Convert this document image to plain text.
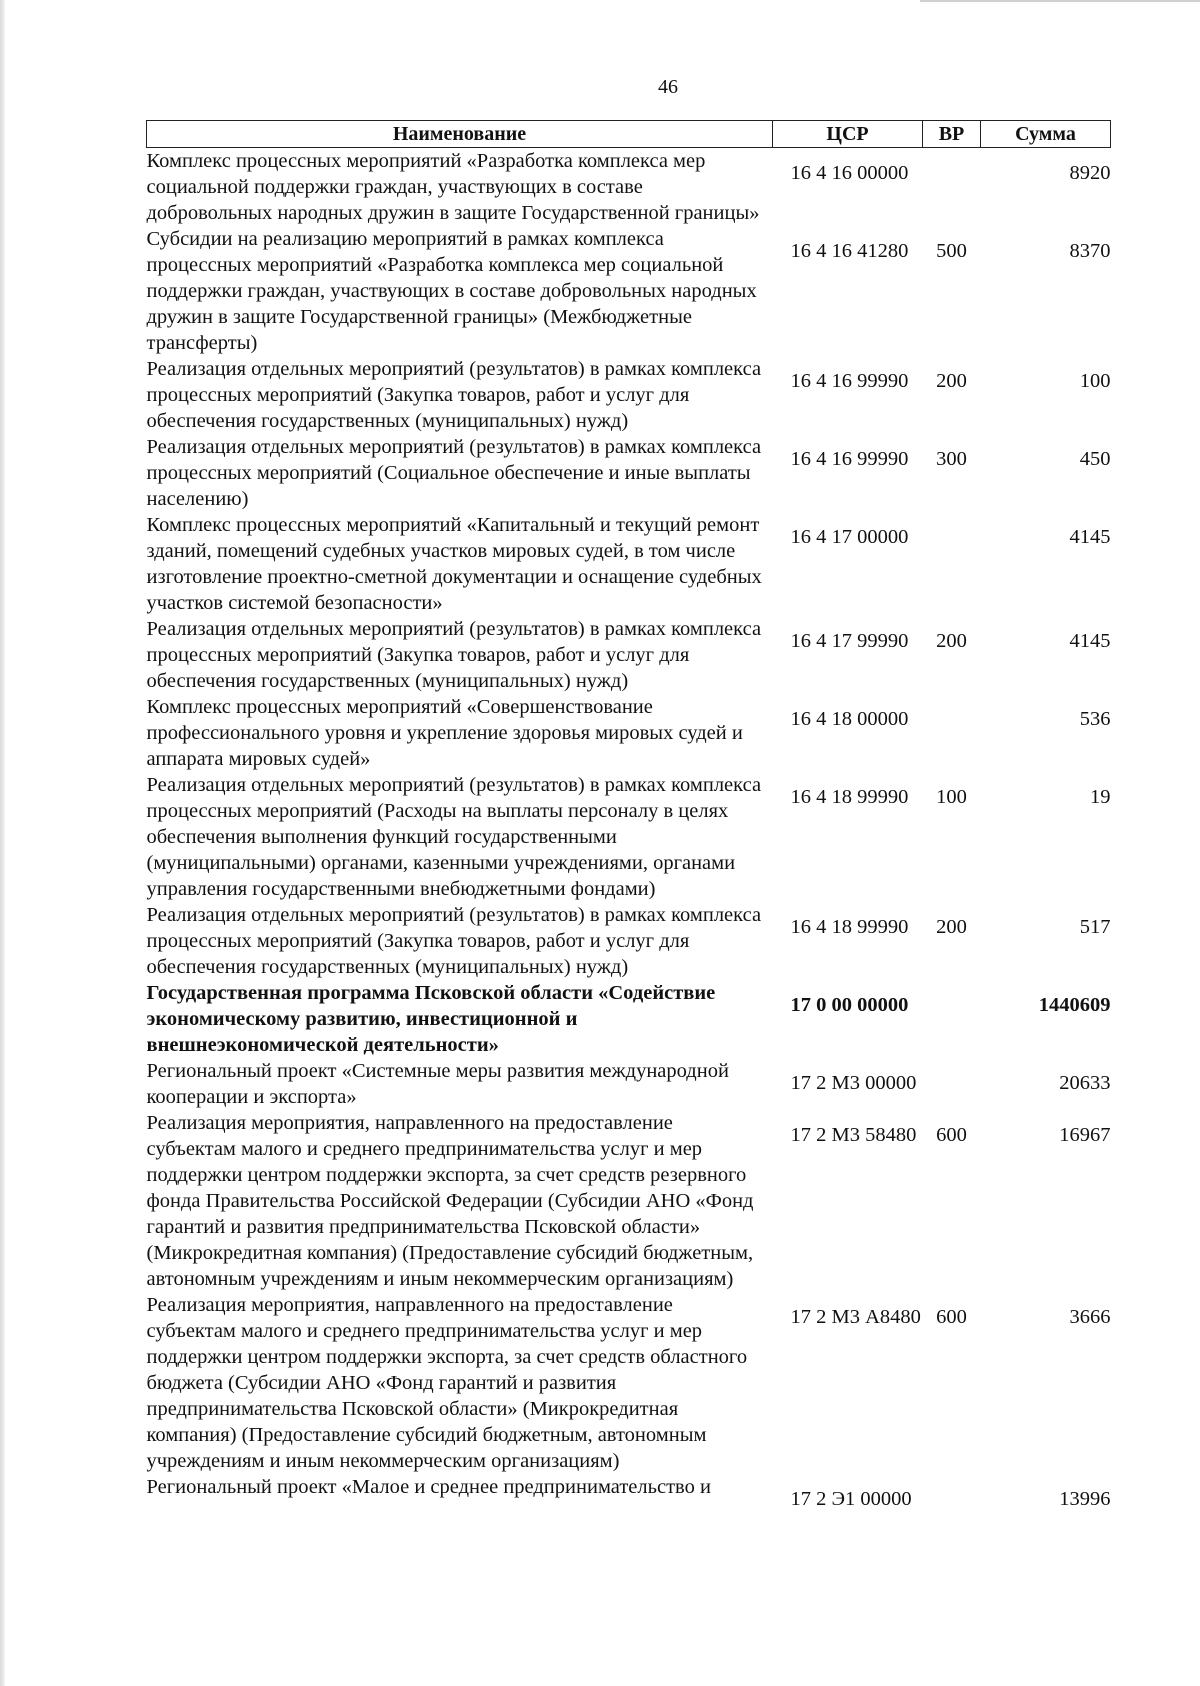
46
Наименование	ЦСР	ВР	Сумма
Комплекс процессных мероприятий «Разработка комплекса мер социальной поддержки граждан, участвующих в составе добровольных народных дружин в защите Государственной границы»	16 4 16 00000		8920
Субсидии на реализацию мероприятий в рамках комплекса процессных мероприятий «Разработка комплекса мер социальной поддержки граждан, участвующих в составе добровольных народных дружин в защите Государственной границы» (Межбюджетные трансферты)	16 4 16 41280	500	8370
Реализация отдельных мероприятий (результатов) в рамках комплекса процессных мероприятий (Закупка товаров, работ и услуг для обеспечения государственных (муниципальных) нужд)	16 4 16 99990	200	100
Реализация отдельных мероприятий (результатов) в рамках комплекса процессных мероприятий (Социальное обеспечение и иные выплаты населению)	16 4 16 99990	300	450
Комплекс процессных мероприятий «Капитальный и текущий ремонт зданий, помещений судебных участков мировых судей, в том числе изготовление проектно-сметной документации и оснащение судебных участков системой безопасности»	16 4 17 00000		4145
Реализация отдельных мероприятий (результатов) в рамках комплекса процессных мероприятий (Закупка товаров, работ и услуг для обеспечения государственных (муниципальных) нужд)	16 4 17 99990	200	4145
Комплекс процессных мероприятий «Совершенствование профессионального уровня и укрепление здоровья мировых судей и аппарата мировых судей»	16 4 18 00000		536
Реализация отдельных мероприятий (результатов) в рамках комплекса процессных мероприятий (Расходы на выплаты персоналу в целях обеспечения выполнения функций государственными (муниципальными) органами, казенными учреждениями, органами управления государственными внебюджетными фондами)	16 4 18 99990	100	19
Реализация отдельных мероприятий (результатов) в рамках комплекса процессных мероприятий (Закупка товаров, работ и услуг для обеспечения государственных (муниципальных) нужд)	16 4 18 99990	200	517
Государственная программа Псковской области «Содействие экономическому развитию, инвестиционной и внешнеэкономической деятельности»	17 0 00 00000		1440609
Региональный проект «Системные меры развития международной кооперации и экспорта»	17 2 М3 00000		20633
Реализация мероприятия, направленного на предоставление субъектам малого и среднего предпринимательства услуг и мер поддержки центром поддержки экспорта, за счет средств резервного фонда Правительства Российской Федерации (Субсидии АНО «Фонд гарантий и развития предпринимательства Псковской области» (Микрокредитная компания) (Предоставление субсидий бюджетным, автономным учреждениям и иным некоммерческим организациям)	17 2 М3 58480	600	16967
Реализация мероприятия, направленного на предоставление субъектам малого и среднего предпринимательства услуг и мер поддержки центром поддержки экспорта, за счет средств областного бюджета (Субсидии АНО «Фонд гарантий и развития предпринимательства Псковской области» (Микрокредитная компания) (Предоставление субсидий бюджетным, автономным учреждениям и иным некоммерческим организациям)	17 2 М3 А8480	600	3666
Региональный проект «Малое и среднее предпринимательство и	17 2 Э1 00000		13996
